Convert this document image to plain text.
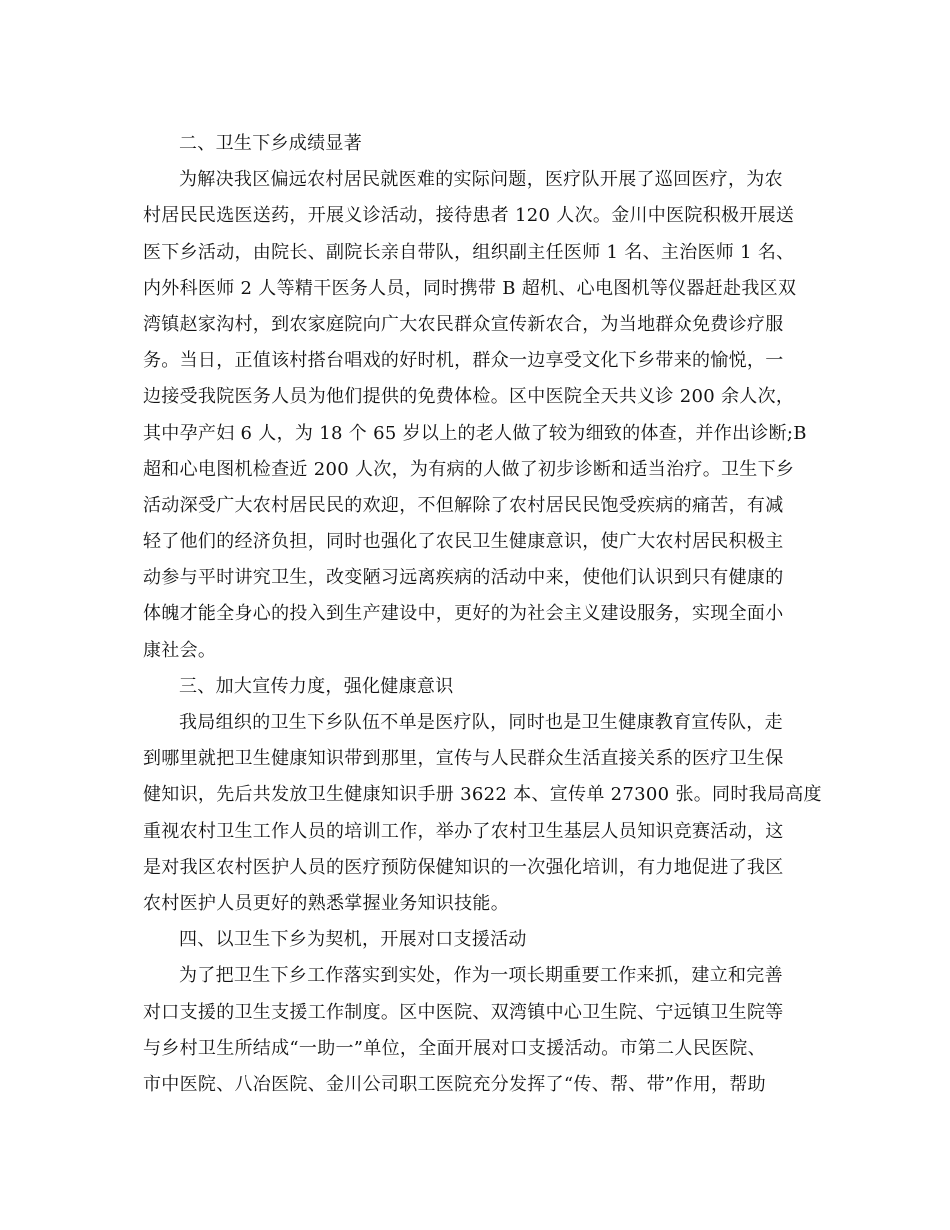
二、卫生下乡成绩显著
为解决我区偏远农村居民就医难的实际问题，医疗队开展了巡回医疗，为农
村居民民选医送药，开展义诊活动，接待患者 120 人次。金川中医院积极开展送
医下乡活动，由院长、副院长亲自带队，组织副主任医师 1 名、主治医师 1 名、
内外科医师 2 人等精干医务人员，同时携带 B 超机、心电图机等仪器赶赴我区双
湾镇赵家沟村，到农家庭院向广大农民群众宣传新农合，为当地群众免费诊疗服
务。当日，正值该村搭台唱戏的好时机，群众一边享受文化下乡带来的愉悦，一
边接受我院医务人员为他们提供的免费体检。区中医院全天共义诊 200 余人次，
其中孕产妇 6 人，为 18 个 65 岁以上的老人做了较为细致的体查，并作出诊断;B
超和心电图机检查近 200 人次，为有病的人做了初步诊断和适当治疗。卫生下乡
活动深受广大农村居民民的欢迎，不但解除了农村居民民饱受疾病的痛苦，有减
轻了他们的经济负担，同时也强化了农民卫生健康意识，使广大农村居民积极主
动参与平时讲究卫生，改变陋习远离疾病的活动中来，使他们认识到只有健康的
体魄才能全身心的投入到生产建设中，更好的为社会主义建设服务，实现全面小
康社会。
三、加大宣传力度，强化健康意识
我局组织的卫生下乡队伍不单是医疗队，同时也是卫生健康教育宣传队，走
到哪里就把卫生健康知识带到那里，宣传与人民群众生活直接关系的医疗卫生保
健知识，先后共发放卫生健康知识手册 3622 本、宣传单 27300 张。同时我局高度
重视农村卫生工作人员的培训工作，举办了农村卫生基层人员知识竞赛活动，这
是对我区农村医护人员的医疗预防保健知识的一次强化培训，有力地促进了我区
农村医护人员更好的熟悉掌握业务知识技能。
四、以卫生下乡为契机，开展对口支援活动
为了把卫生下乡工作落实到实处，作为一项长期重要工作来抓，建立和完善
对口支援的卫生支援工作制度。区中医院、双湾镇中心卫生院、宁远镇卫生院等
与乡村卫生所结成“一助一”单位，全面开展对口支援活动。市第二人民医院、
市中医院、八冶医院、金川公司职工医院充分发挥了“传、帮、带”作用，帮助
